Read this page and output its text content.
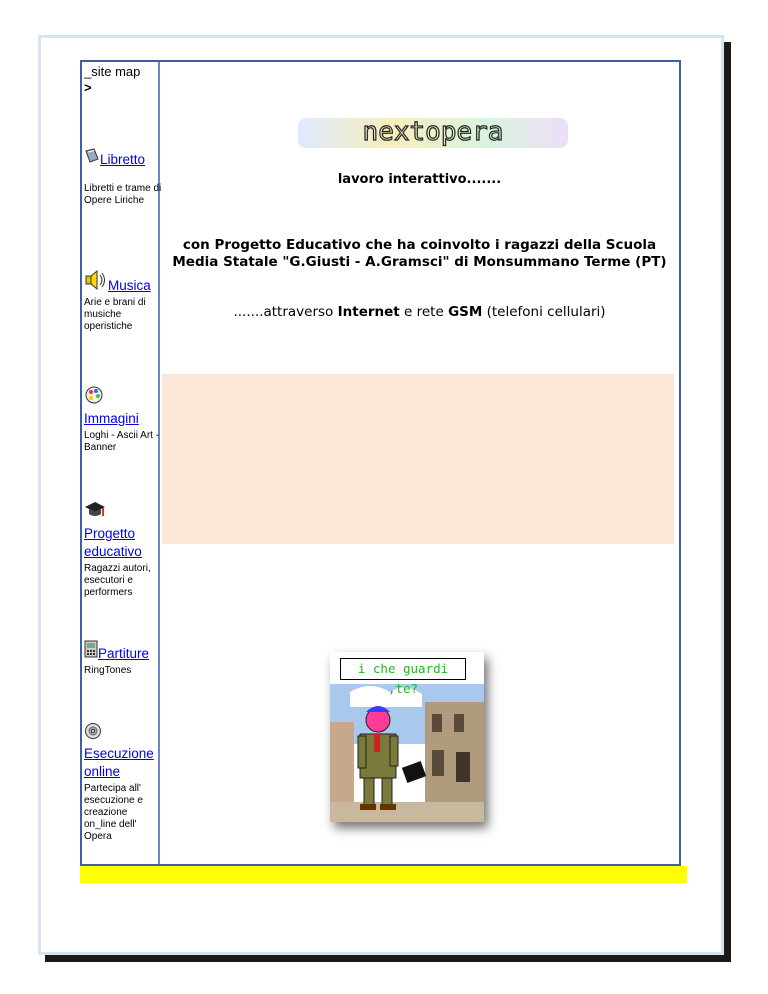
_site map
>
Libretto
Libretti e trame di Opere Liriche
Musica
Arie e brani di musiche operistiche
Immagini
Loghi - Ascii Art - Banner
Progetto educativo
Ragazzi autori, esecutori e performers
Partiture
RingTones
Esecuzione online
Partecipa all' esecuzione e creazione on_line dell' Opera
nextopera
lavoro interattivo.......
con Progetto Educativo che ha coinvolto i ragazzi della Scuola Media Statale "G.Giusti - A.Gramsci" di Monsummano Terme (PT)
.......attraverso Internet e rete GSM (telefoni cellulari)
i che guardi ,te?
